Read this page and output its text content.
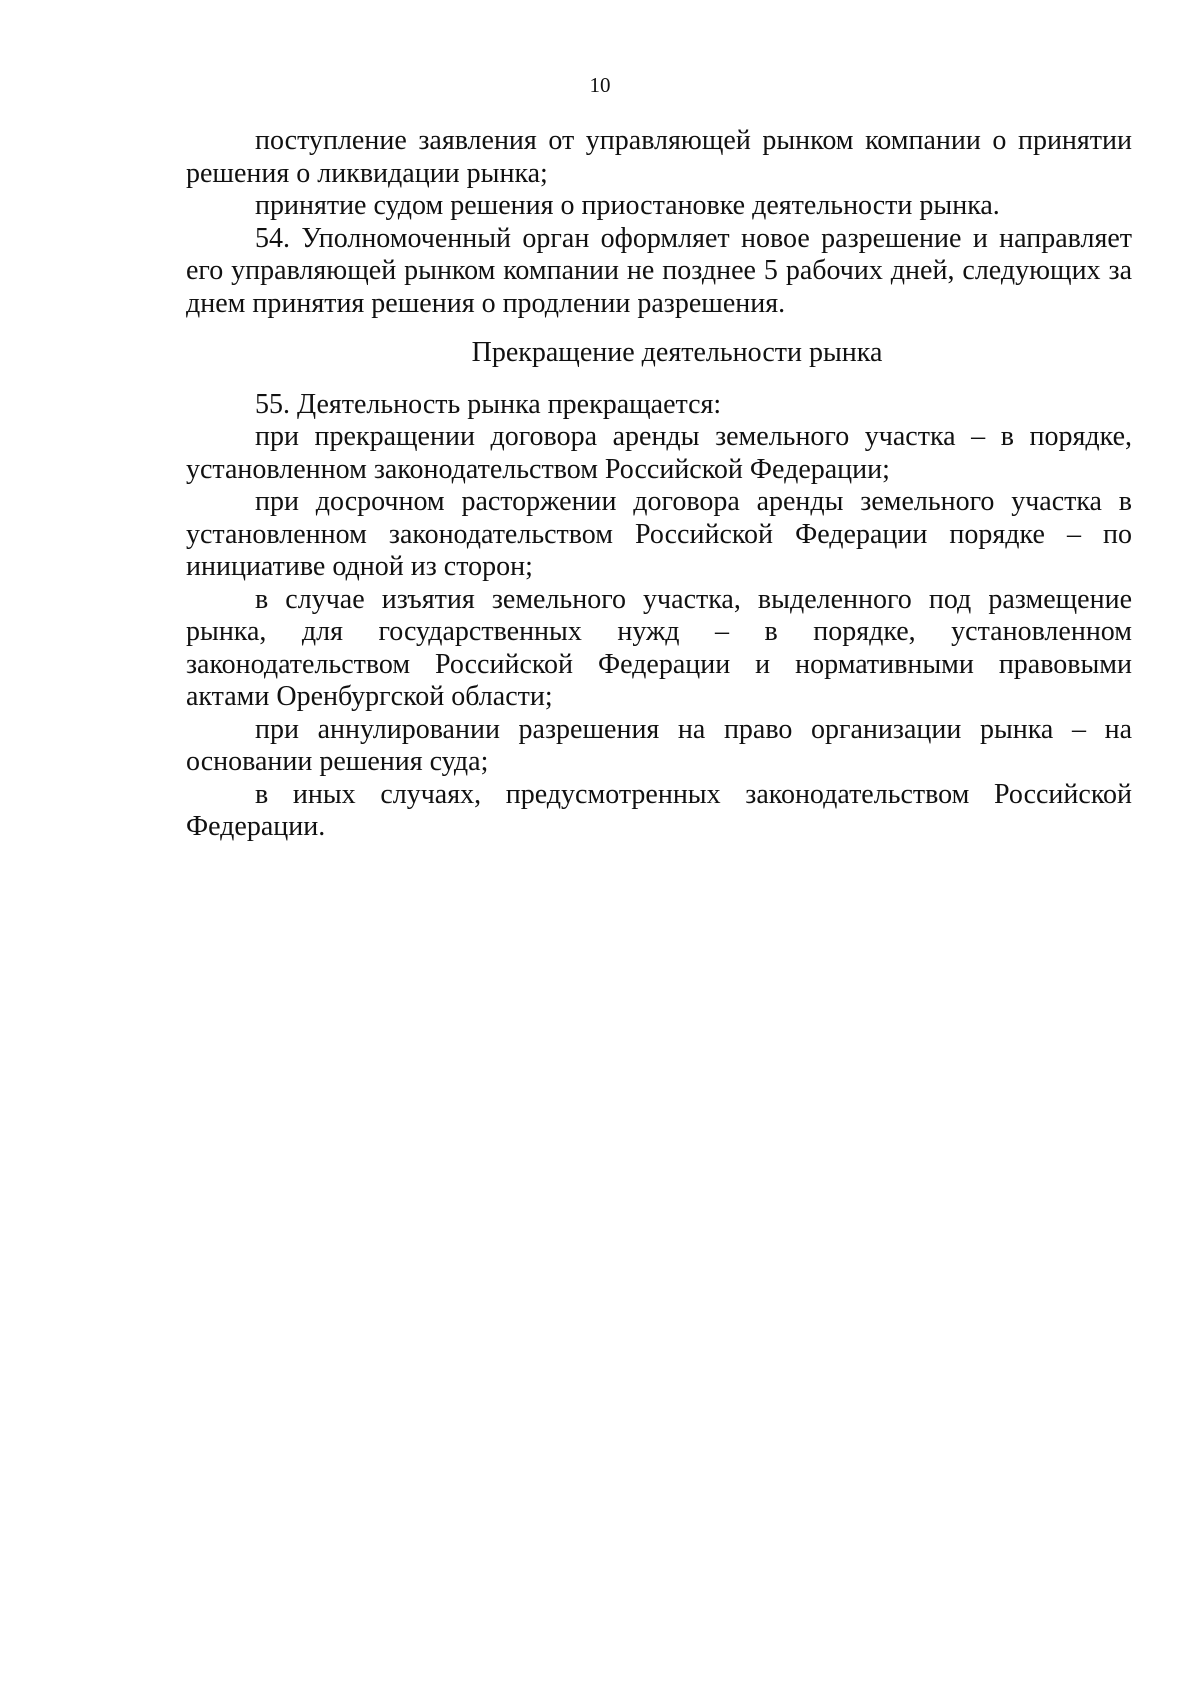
10

поступление заявления от управляющей рынком компании о принятии решения о ликвидации рынка;

принятие судом решения о приостановке деятельности рынка.

54. Уполномоченный орган оформляет новое разрешение и направляет его управляющей рынком компании не позднее 5 рабочих дней, следующих за днем принятия решения о продлении разрешения.

Прекращение деятельности рынка

55. Деятельность рынка прекращается:

при прекращении договора аренды земельного участка – в порядке, установленном законодательством Российской Федерации;

при досрочном расторжении договора аренды земельного участка в установленном законодательством Российской Федерации порядке – по инициативе одной из сторон;

в случае изъятия земельного участка, выделенного под размещение рынка, для государственных нужд – в порядке, установленном законодательством Российской Федерации и нормативными правовыми актами Оренбургской области;

при аннулировании разрешения на право организации рынка – на основании решения суда;

в иных случаях, предусмотренных законодательством Российской Федерации.
